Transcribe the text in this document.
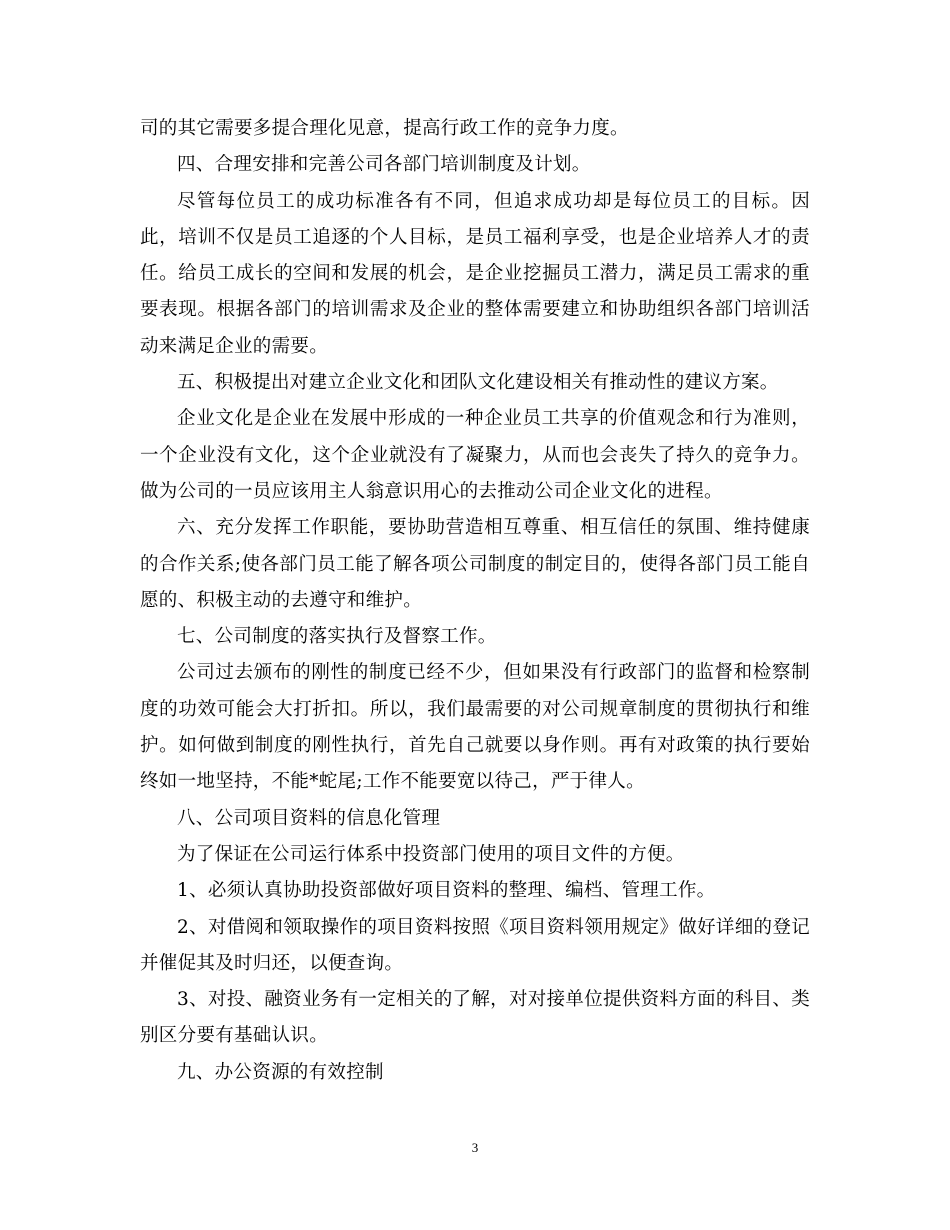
司的其它需要多提合理化见意，提高行政工作的竞争力度。

四、合理安排和完善公司各部门培训制度及计划。

尽管每位员工的成功标准各有不同，但追求成功却是每位员工的目标。因此，培训不仅是员工追逐的个人目标，是员工福利享受，也是企业培养人才的责任。给员工成长的空间和发展的机会，是企业挖掘员工潜力，满足员工需求的重要表现。根据各部门的培训需求及企业的整体需要建立和协助组织各部门培训活动来满足企业的需要。

五、积极提出对建立企业文化和团队文化建设相关有推动性的建议方案。

企业文化是企业在发展中形成的一种企业员工共享的价值观念和行为准则，一个企业没有文化，这个企业就没有了凝聚力，从而也会丧失了持久的竞争力。做为公司的一员应该用主人翁意识用心的去推动公司企业文化的进程。

六、充分发挥工作职能，要协助营造相互尊重、相互信任的氛围、维持健康的合作关系;使各部门员工能了解各项公司制度的制定目的，使得各部门员工能自愿的、积极主动的去遵守和维护。

七、公司制度的落实执行及督察工作。

公司过去颁布的刚性的制度已经不少，但如果没有行政部门的监督和检察制度的功效可能会大打折扣。所以，我们最需要的对公司规章制度的贯彻执行和维护。如何做到制度的刚性执行，首先自己就要以身作则。再有对政策的执行要始终如一地坚持，不能*蛇尾;工作不能要宽以待己，严于律人。

八、公司项目资料的信息化管理

为了保证在公司运行体系中投资部门使用的项目文件的方便。

1、必须认真协助投资部做好项目资料的整理、编档、管理工作。

2、对借阅和领取操作的项目资料按照《项目资料领用规定》做好详细的登记并催促其及时归还，以便查询。

3、对投、融资业务有一定相关的了解，对对接单位提供资料方面的科目、类别区分要有基础认识。

九、办公资源的有效控制

3
